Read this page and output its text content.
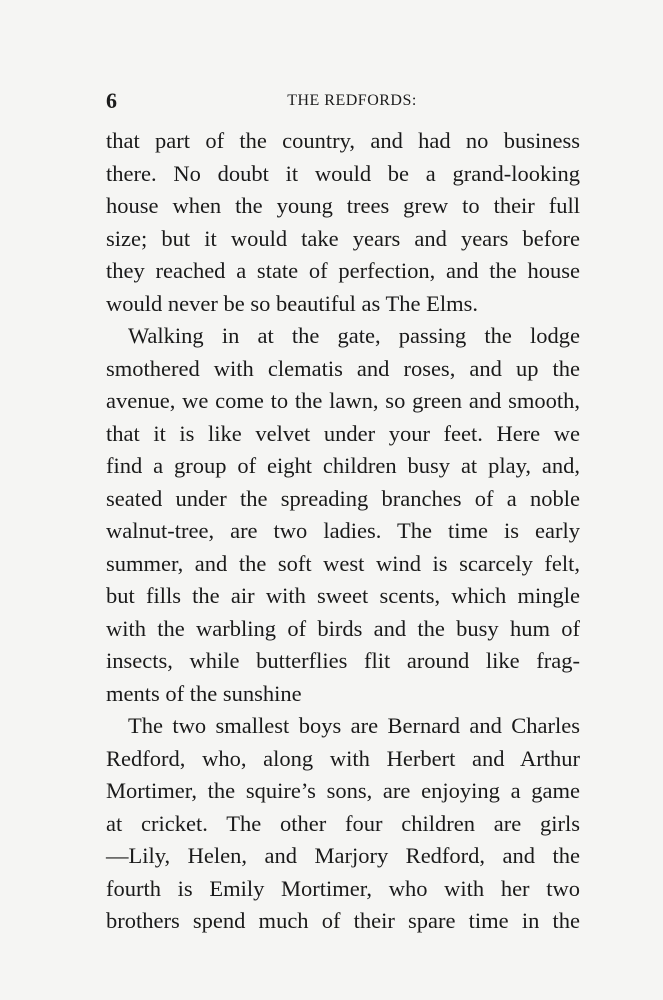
6	THE REDFORDS:

that part of the country, and had no business

there. No doubt it would be a grand-looking

house when the young trees grew to their full

size; but it would take years and years before

they reached a state of perfection, and the house

would never be so beautiful as The Elms.

Walking in at the gate, passing the lodge

smothered with clematis and roses, and up the

avenue, we come to the lawn, so green and smooth,

that it is like velvet under your feet. Here we

find a group of eight children busy at play, and,

seated under the spreading branches of a noble

walnut-tree, are two ladies. The time is early

summer, and the soft west wind is scarcely felt,

but fills the air with sweet scents, which mingle

with the warbling of birds and the busy hum of

insects, while butterflies flit around like frag-

ments of the sunshine

The two smallest boys are Bernard and Charles

Redford, who, along with Herbert and Arthur

Mortimer, the squire’s sons, are enjoying a game

at cricket. The other four children are girls

—Lily, Helen, and Marjory Redford, and the

fourth is Emily Mortimer, who with her two

brothers spend much of their spare time in the
